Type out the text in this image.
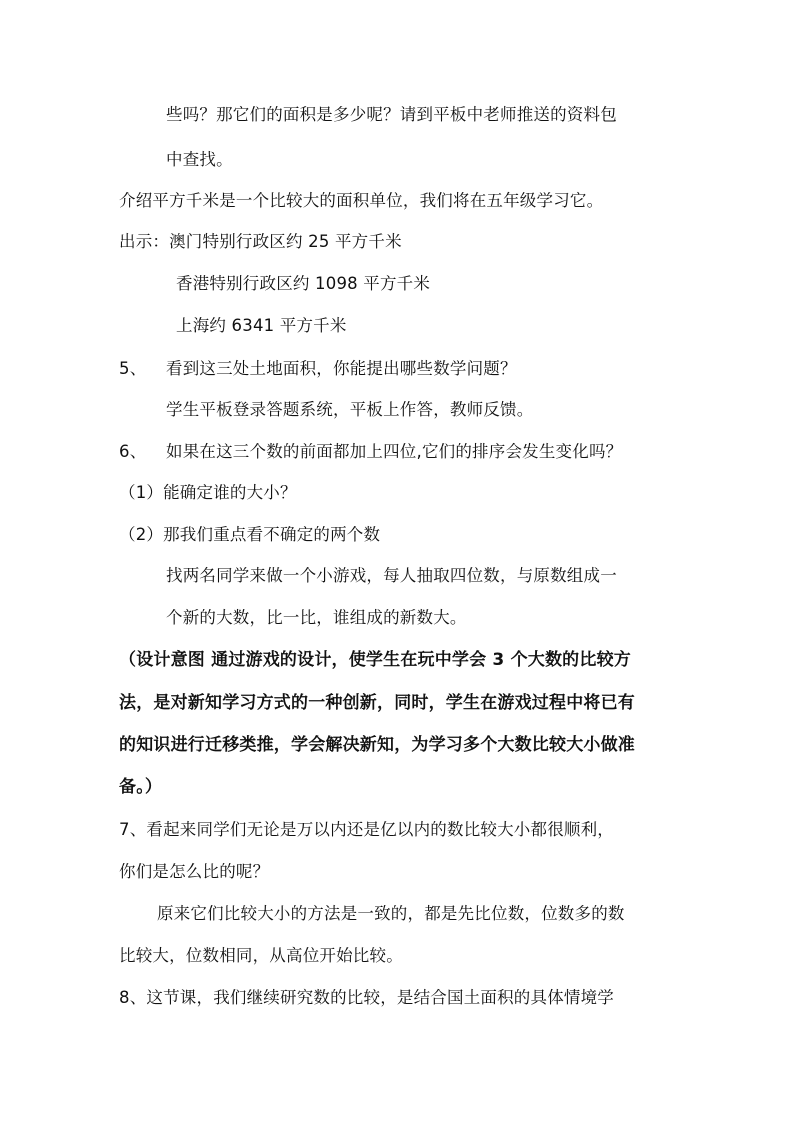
些吗？那它们的面积是多少呢？请到平板中老师推送的资料包
中查找。
介绍平方千米是一个比较大的面积单位，我们将在五年级学习它。
出示：澳门特别行政区约 25 平方千米
香港特别行政区约 1098 平方千米
上海约 6341 平方千米
5、 看到这三处土地面积，你能提出哪些数学问题？
学生平板登录答题系统，平板上作答，教师反馈。
6、 如果在这三个数的前面都加上四位,它们的排序会发生变化吗？
（1）能确定谁的大小？
（2）那我们重点看不确定的两个数
找两名同学来做一个小游戏，每人抽取四位数，与原数组成一
个新的大数，比一比，谁组成的新数大。
（设计意图 通过游戏的设计，使学生在玩中学会 3 个大数的比较方
法，是对新知学习方式的一种创新，同时，学生在游戏过程中将已有
的知识进行迁移类推，学会解决新知，为学习多个大数比较大小做准
备。）
7、看起来同学们无论是万以内还是亿以内的数比较大小都很顺利，
你们是怎么比的呢？
原来它们比较大小的方法是一致的，都是先比位数，位数多的数
比较大，位数相同，从高位开始比较。
8、这节课，我们继续研究数的比较，是结合国土面积的具体情境学
